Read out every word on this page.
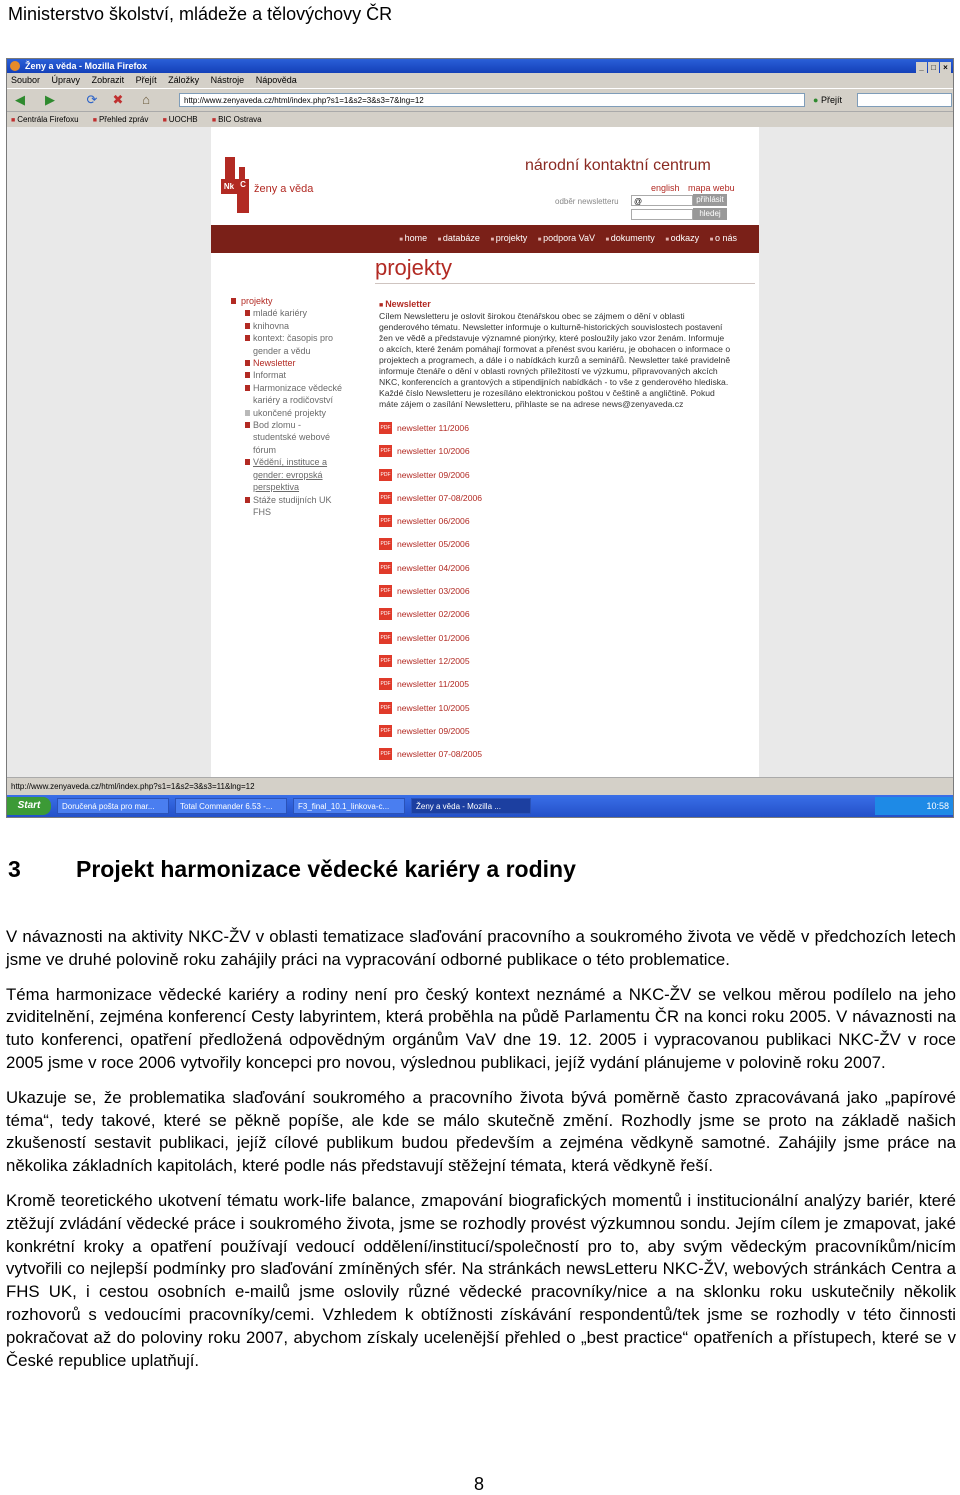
Ministerstvo školství, mládeže a tělovýchovy ČR
Ženy a věda - Mozilla Firefox	_ □ ×
Soubor Úpravy Zobrazit Přejít Záložky Nástroje Nápověda
◀ ▶ ⟳ ✖ ⌂	http://www.zenyaveda.cz/html/index.php?s1=1&s2=3&s3=7&lng=12	● Přejít
■ Centrála Firefoxu	■ Přehled zpráv	■ UOCHB	■ BIC Ostrava
Nk C ženy a věda
národní kontaktní centrum
english mapa webu
odběr newsletteru	@	přihlásit
hledej
■ home ■ databáze ■ projekty ■ podpora VaV ■ dokumenty ■ odkazy ■ o nás
projekty
projekty
mladé kariéry
knihovna
kontext: časopis pro gender a vědu
Newsletter
Informat
Harmonizace vědecké kariéry a rodičovství
ukončené projekty
Bod zlomu - studentské webové fórum
Vědění, instituce a gender: evropská perspektiva
Stáže studijních UK FHS
■ Newsletter
Cílem Newsletteru je oslovit širokou čtenářskou obec se zájmem o dění v oblasti genderového tématu. Newsletter informuje o kulturně-historických souvislostech postavení žen ve vědě a představuje významné pionýrky, které posloužily jako vzor ženám. Informuje o akcích, které ženám pomáhají formovat a přenést svou kariéru, je obohacen o informace o projektech a programech, a dále i o nabídkách kurzů a seminářů. Newsletter také pravidelně informuje čtenáře o dění v oblasti rovných příležitostí ve výzkumu, připravovaných akcích NKC, konferencích a grantových a stipendijních nabídkách - to vše z genderového hlediska. Každé číslo Newsletteru je rozesíláno elektronickou poštou v češtině a angličtině. Pokud máte zájem o zasílání Newsletteru, přihlaste se na adrese news@zenyaveda.cz
PDF newsletter 11/2006
PDF newsletter 10/2006
PDF newsletter 09/2006
PDF newsletter 07-08/2006
PDF newsletter 06/2006
PDF newsletter 05/2006
PDF newsletter 04/2006
PDF newsletter 03/2006
PDF newsletter 02/2006
PDF newsletter 01/2006
PDF newsletter 12/2005
PDF newsletter 11/2005
PDF newsletter 10/2005
PDF newsletter 09/2005
PDF newsletter 07-08/2005
http://www.zenyaveda.cz/html/index.php?s1=1&s2=3&s3=11&lng=12
Start	Doručená pošta pro mar...	Total Commander 6.53 -...	F3_final_10.1_linkova-c...	Ženy a věda - Mozilla ...	10:58
3 Projekt harmonizace vědecké kariéry a rodiny

V návaznosti na aktivity NKC-ŽV v oblasti tematizace slaďování pracovního a soukromého života ve vědě v předchozích letech jsme ve druhé polovině roku zahájily práci na vypracování odborné publikace o této problematice.

Téma harmonizace vědecké kariéry a rodiny není pro český kontext neznámé a NKC-ŽV se velkou měrou podílelo na jeho zviditelnění, zejména konferencí Cesty labyrintem, která proběhla na půdě Parlamentu ČR na konci roku 2005. V návaznosti na tuto konferenci, opatření předložená odpovědným orgánům VaV dne 19. 12. 2005 i vypracovanou publikaci NKC-ŽV v roce 2005 jsme v roce 2006 vytvořily koncepci pro novou, výslednou publikaci, jejíž vydání plánujeme v polovině roku 2007.

Ukazuje se, že problematika slaďování soukromého a pracovního života bývá poměrně často zpracovávaná jako „papírové téma“, tedy takové, které se pěkně popíše, ale kde se málo skutečně změní. Rozhodly jsme se proto na základě našich zkušeností sestavit publikaci, jejíž cílové publikum budou především a zejména vědkyně samotné. Zahájily jsme práce na několika základních kapitolách, které podle nás představují stěžejní témata, která vědkyně řeší.

Kromě teoretického ukotvení tématu work-life balance, zmapování biografických momentů i institucionální analýzy bariér, které ztěžují zvládání vědecké práce i soukromého života, jsme se rozhodly provést výzkumnou sondu. Jejím cílem je zmapovat, jaké konkrétní kroky a opatření používají vedoucí oddělení/institucí/společností pro to, aby svým vědeckým pracovníkům/nicím vytvořili co nejlepší podmínky pro slaďování zmíněných sfér. Na stránkách newsLetteru NKC-ŽV, webových stránkách Centra a FHS UK, i cestou osobních e-mailů jsme oslovily různé vědecké pracovníky/nice a na sklonku roku uskutečnily několik rozhovorů s vedoucími pracovníky/cemi. Vzhledem k obtížnosti získávání respondentů/tek jsme se rozhodly v této činnosti pokračovat až do poloviny roku 2007, abychom získaly ucelenější přehled o „best practice“ opatřeních a přístupech, které se v České republice uplatňují.

8
